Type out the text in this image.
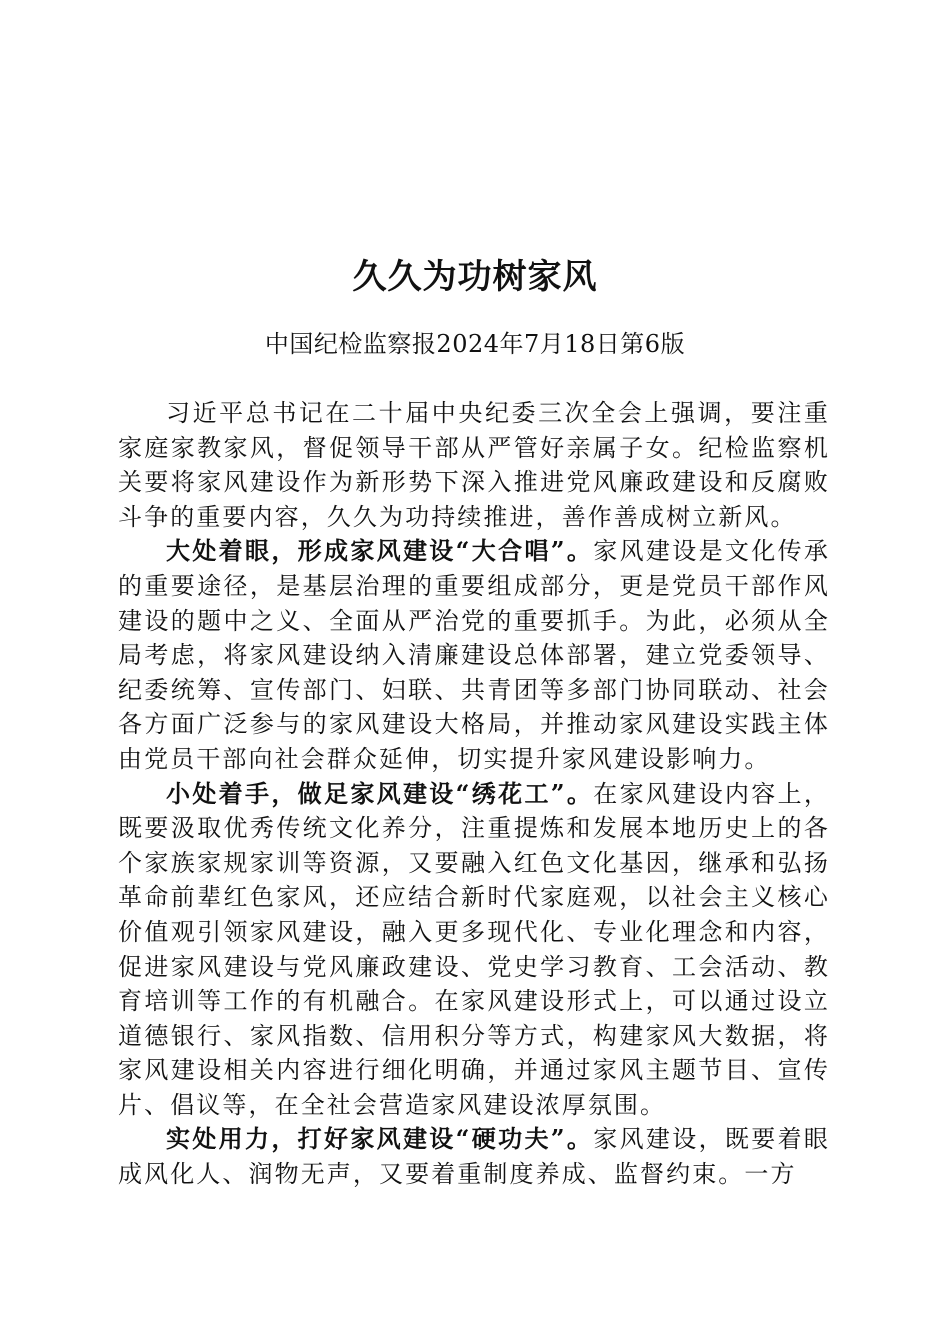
久久为功树家风
中国纪检监察报2024年7月18日第6版

习近平总书记在二十届中央纪委三次全会上强调，要注重家庭家教家风，督促领导干部从严管好亲属子女。纪检监察机关要将家风建设作为新形势下深入推进党风廉政建设和反腐败斗争的重要内容，久久为功持续推进，善作善成树立新风。

大处着眼，形成家风建设“大合唱”。家风建设是文化传承的重要途径，是基层治理的重要组成部分，更是党员干部作风建设的题中之义、全面从严治党的重要抓手。为此，必须从全局考虑，将家风建设纳入清廉建设总体部署，建立党委领导、纪委统筹、宣传部门、妇联、共青团等多部门协同联动、社会各方面广泛参与的家风建设大格局，并推动家风建设实践主体由党员干部向社会群众延伸，切实提升家风建设影响力。

小处着手，做足家风建设“绣花工”。在家风建设内容上，既要汲取优秀传统文化养分，注重提炼和发展本地历史上的各个家族家规家训等资源，又要融入红色文化基因，继承和弘扬革命前辈红色家风，还应结合新时代家庭观，以社会主义核心价值观引领家风建设，融入更多现代化、专业化理念和内容，促进家风建设与党风廉政建设、党史学习教育、工会活动、教育培训等工作的有机融合。在家风建设形式上，可以通过设立道德银行、家风指数、信用积分等方式，构建家风大数据，将家风建设相关内容进行细化明确，并通过家风主题节目、宣传片、倡议等，在全社会营造家风建设浓厚氛围。

实处用力，打好家风建设“硬功夫”。家风建设，既要着眼成风化人、润物无声，又要着重制度养成、监督约束。一方
